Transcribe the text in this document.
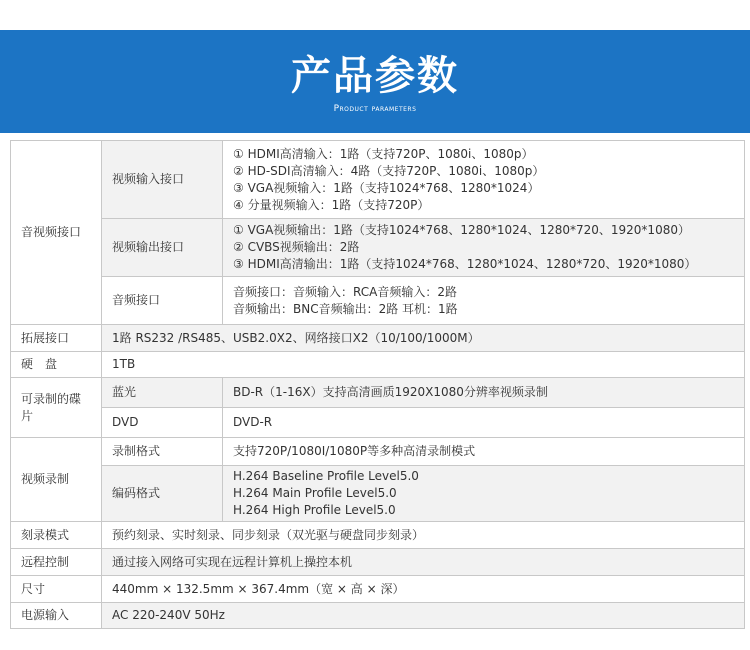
产品参数
Product parameters
音视频接口	视频输入接口	① HDMI高清输入：1路（支持720P、1080i、1080p）
② HD-SDI高清输入：4路（支持720P、1080i、1080p）
③ VGA视频输入：1路（支持1024*768、1280*1024）
④ 分量视频输入：1路（支持720P）

	视频输出接口	① VGA视频输出：1路（支持1024*768、1280*1024、1280*720、1920*1080）
② CVBS视频输出：2路
③ HDMI高清输出：1路（支持1024*768、1280*1024、1280*720、1920*1080）

	音频接口	音频接口：音频输入：RCA音频输入：2路
音频输出：BNC音频输出：2路 耳机：1路

拓展接口	1路 RS232 /RS485、USB2.0X2、网络接口X2（10/100/1000M）	
硬　盘	1TB	
可录制的碟片	蓝光	BD-R（1-16X）支持高清画质1920X1080分辨率视频录制
	DVD	DVD-R
视频录制	录制格式	支持720P/1080I/1080P等多种高清录制模式
	编码格式	H.264 Baseline Profile Level5.0
H.264 Main Profile Level5.0
H.264 High Profile Level5.0

刻录模式	预约刻录、实时刻录、同步刻录（双光驱与硬盘同步刻录）	
远程控制	通过接入网络可实现在远程计算机上操控本机	
尺寸	440mm × 132.5mm × 367.4mm（宽 × 高 × 深）	
电源输入	AC 220-240V 50Hz	
